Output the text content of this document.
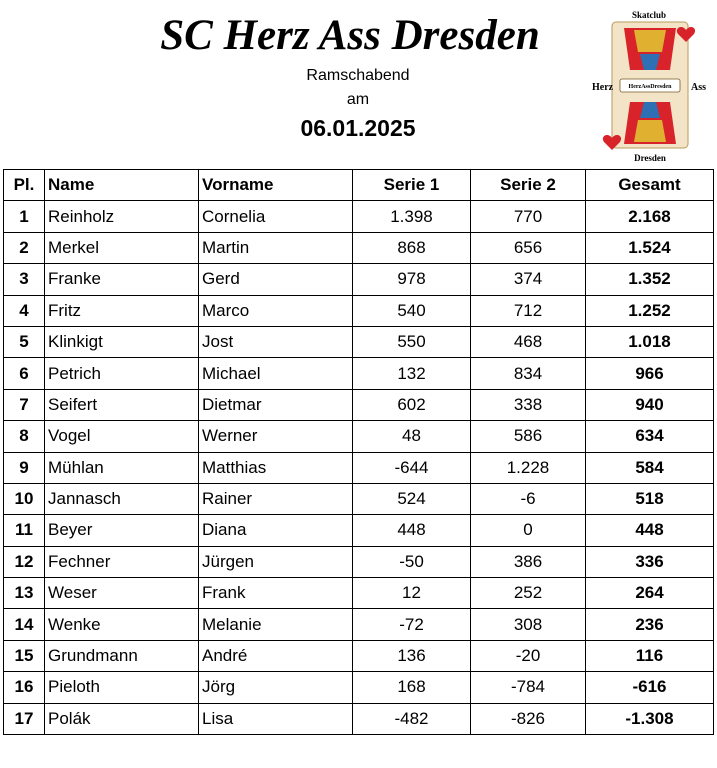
SC Herz Ass Dresden
Ramschabend
am
06.01.2025
Skatclub
Herz	Ass
HerzAssDresden
Dresden
Pl.	Name	Vorname	Serie 1	Serie 2	Gesamt
1	Reinholz	Cornelia	1.398	770	2.168
2	Merkel	Martin	868	656	1.524
3	Franke	Gerd	978	374	1.352
4	Fritz	Marco	540	712	1.252
5	Klinkigt	Jost	550	468	1.018
6	Petrich	Michael	132	834	966
7	Seifert	Dietmar	602	338	940
8	Vogel	Werner	48	586	634
9	Mühlan	Matthias	-644	1.228	584
10	Jannasch	Rainer	524	-6	518
11	Beyer	Diana	448	0	448
12	Fechner	Jürgen	-50	386	336
13	Weser	Frank	12	252	264
14	Wenke	Melanie	-72	308	236
15	Grundmann	André	136	-20	116
16	Pieloth	Jörg	168	-784	-616
17	Polák	Lisa	-482	-826	-1.308
